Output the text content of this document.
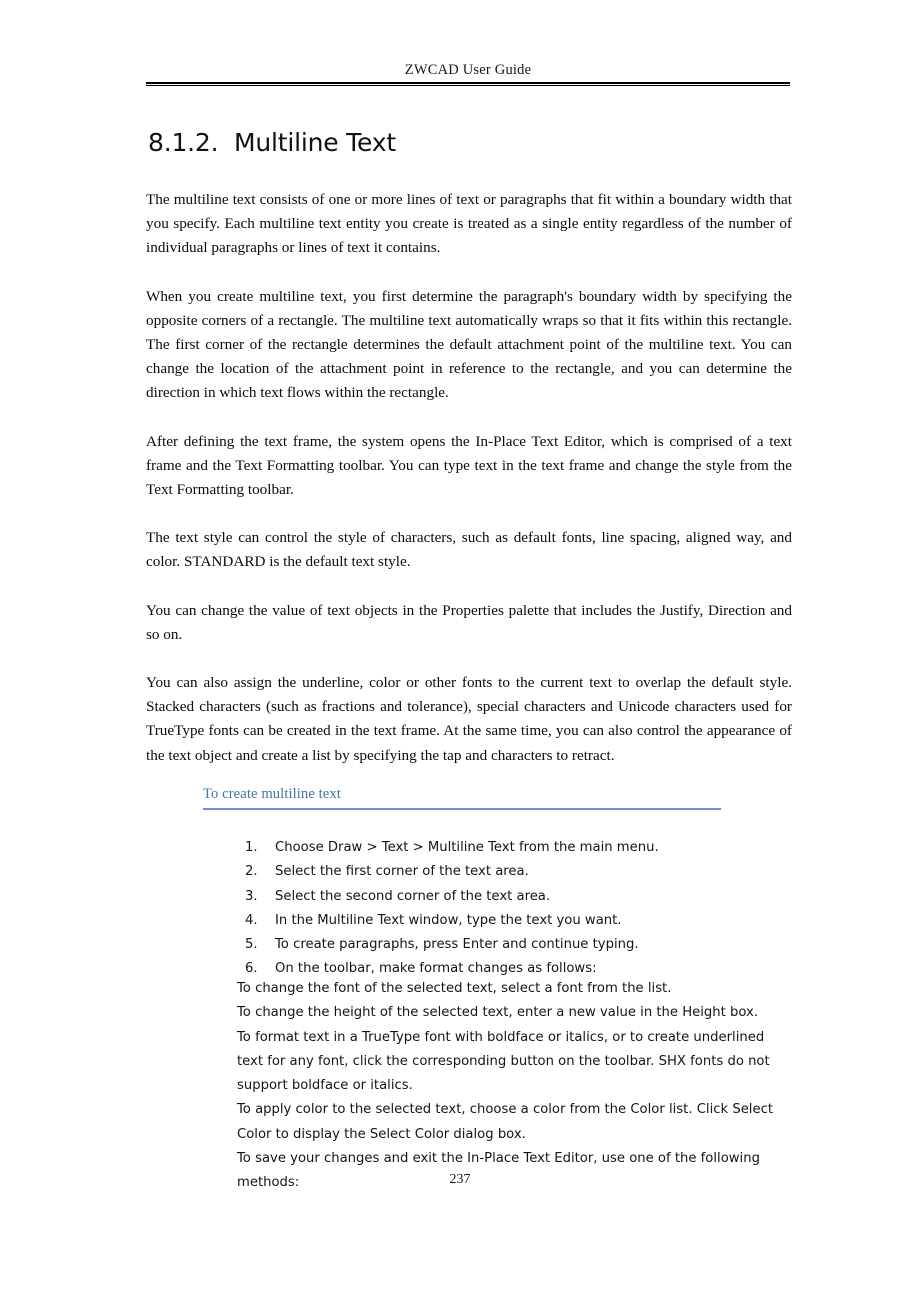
ZWCAD User Guide
8.1.2. Multiline Text

The multiline text consists of one or more lines of text or paragraphs that fit within a boundary width that you specify. Each multiline text entity you create is treated as a single entity regardless of the number of individual paragraphs or lines of text it contains.

When you create multiline text, you first determine the paragraph's boundary width by specifying the opposite corners of a rectangle. The multiline text automatically wraps so that it fits within this rectangle. The first corner of the rectangle determines the default attachment point of the multiline text. You can change the location of the attachment point in reference to the rectangle, and you can determine the direction in which text flows within the rectangle.

After defining the text frame, the system opens the In-Place Text Editor, which is comprised of a text frame and the Text Formatting toolbar. You can type text in the text frame and change the style from the Text Formatting toolbar.

The text style can control the style of characters, such as default fonts, line spacing, aligned way, and color. STANDARD is the default text style.

You can change the value of text objects in the Properties palette that includes the Justify, Direction and so on.

You can also assign the underline, color or other fonts to the current text to overlap the default style. Stacked characters (such as fractions and tolerance), special characters and Unicode characters used for TrueType fonts can be created in the text frame. At the same time, you can also control the appearance of the text object and create a list by specifying the tap and characters to retract.

To create multiline text
1.	Choose Draw > Text > Multiline Text from the main menu.
2.	Select the first corner of the text area.
3.	Select the second corner of the text area.
4.	In the Multiline Text window, type the text you want.
5.	To create paragraphs, press Enter and continue typing.
6.	On the toolbar, make format changes as follows:

To change the font of the selected text, select a font from the list.

To change the height of the selected text, enter a new value in the Height box.

To format text in a TrueType font with boldface or italics, or to create underlined text for any font, click the corresponding button on the toolbar. SHX fonts do not support boldface or italics.

To apply color to the selected text, choose a color from the Color list. Click Select Color to display the Select Color dialog box.

To save your changes and exit the In-Place Text Editor, use one of the following methods:	237
